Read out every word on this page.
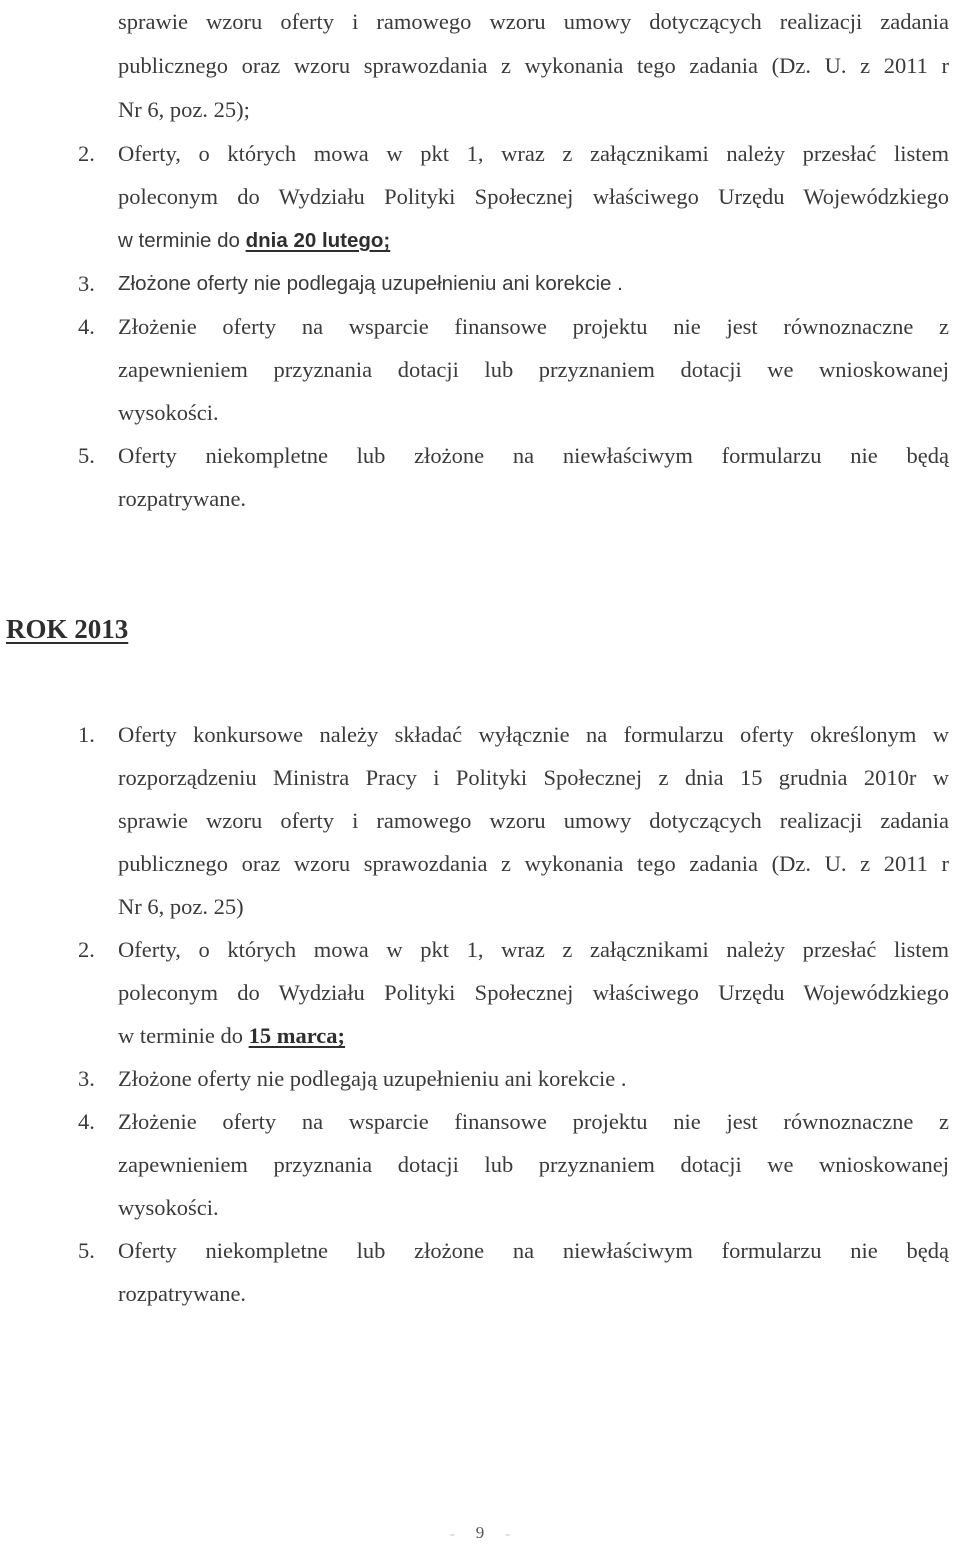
sprawie wzoru oferty i ramowego wzoru umowy dotyczących realizacji zadania
publicznego oraz wzoru sprawozdania z wykonania tego zadania (Dz. U. z 2011 r
Nr 6, poz. 25);
2. Oferty, o których mowa w pkt 1, wraz z załącznikami należy przesłać listem
poleconym do Wydziału Polityki Społecznej właściwego Urzędu Wojewódzkiego
w terminie do dnia 20 lutego;
3. Złożone oferty nie podlegają uzupełnieniu ani korekcie .
4. Złożenie oferty na wsparcie finansowe projektu nie jest równoznaczne z
zapewnieniem przyznania dotacji lub przyznaniem dotacji we wnioskowanej
wysokości.
5. Oferty niekompletne lub złożone na niewłaściwym formularzu nie będą
rozpatrywane.
ROK 2013
1. Oferty konkursowe należy składać wyłącznie na formularzu oferty określonym w
rozporządzeniu Ministra Pracy i Polityki Społecznej z dnia 15 grudnia 2010r w
sprawie wzoru oferty i ramowego wzoru umowy dotyczących realizacji zadania
publicznego oraz wzoru sprawozdania z wykonania tego zadania (Dz. U. z 2011 r
Nr 6, poz. 25)
2. Oferty, o których mowa w pkt 1, wraz z załącznikami należy przesłać listem
poleconym do Wydziału Polityki Społecznej właściwego Urzędu Wojewódzkiego
w terminie do 15 marca;
3. Złożone oferty nie podlegają uzupełnieniu ani korekcie .
4. Złożenie oferty na wsparcie finansowe projektu nie jest równoznaczne z
zapewnieniem przyznania dotacji lub przyznaniem dotacji we wnioskowanej
wysokości.
5. Oferty niekompletne lub złożone na niewłaściwym formularzu nie będą
rozpatrywane.
- 9 -
